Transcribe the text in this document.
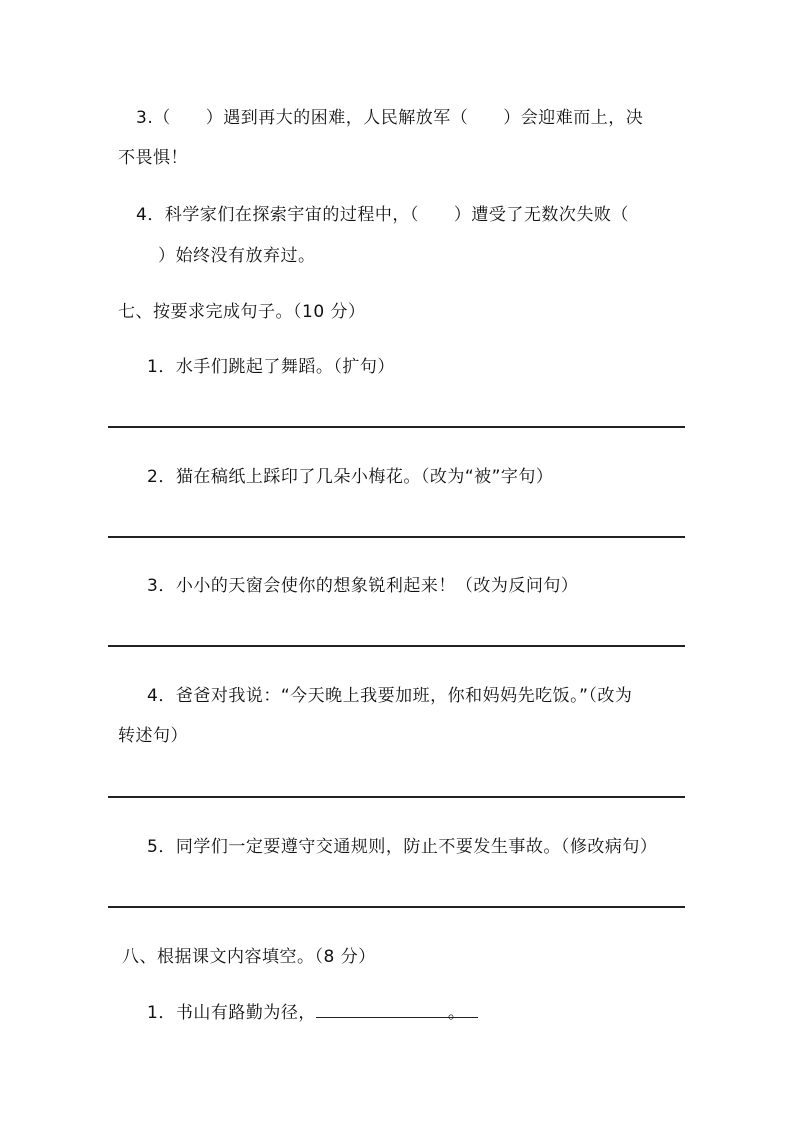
3.（　　）遇到再大的困难，人民解放军（　　）会迎难而上，决
不畏惧！
4．科学家们在探索宇宙的过程中，（　　）遭受了无数次失败（
）始终没有放弃过。
七、按要求完成句子。（10 分）
1．水手们跳起了舞蹈。（扩句）
2．猫在稿纸上踩印了几朵小梅花。（改为“被”字句）
3．小小的天窗会使你的想象锐利起来！（改为反问句）
4．爸爸对我说：“今天晚上我要加班，你和妈妈先吃饭。”（改为
转述句）
5．同学们一定要遵守交通规则，防止不要发生事故。（修改病句）
八、根据课文内容填空。（8 分）
1．书山有路勤为径，	。
